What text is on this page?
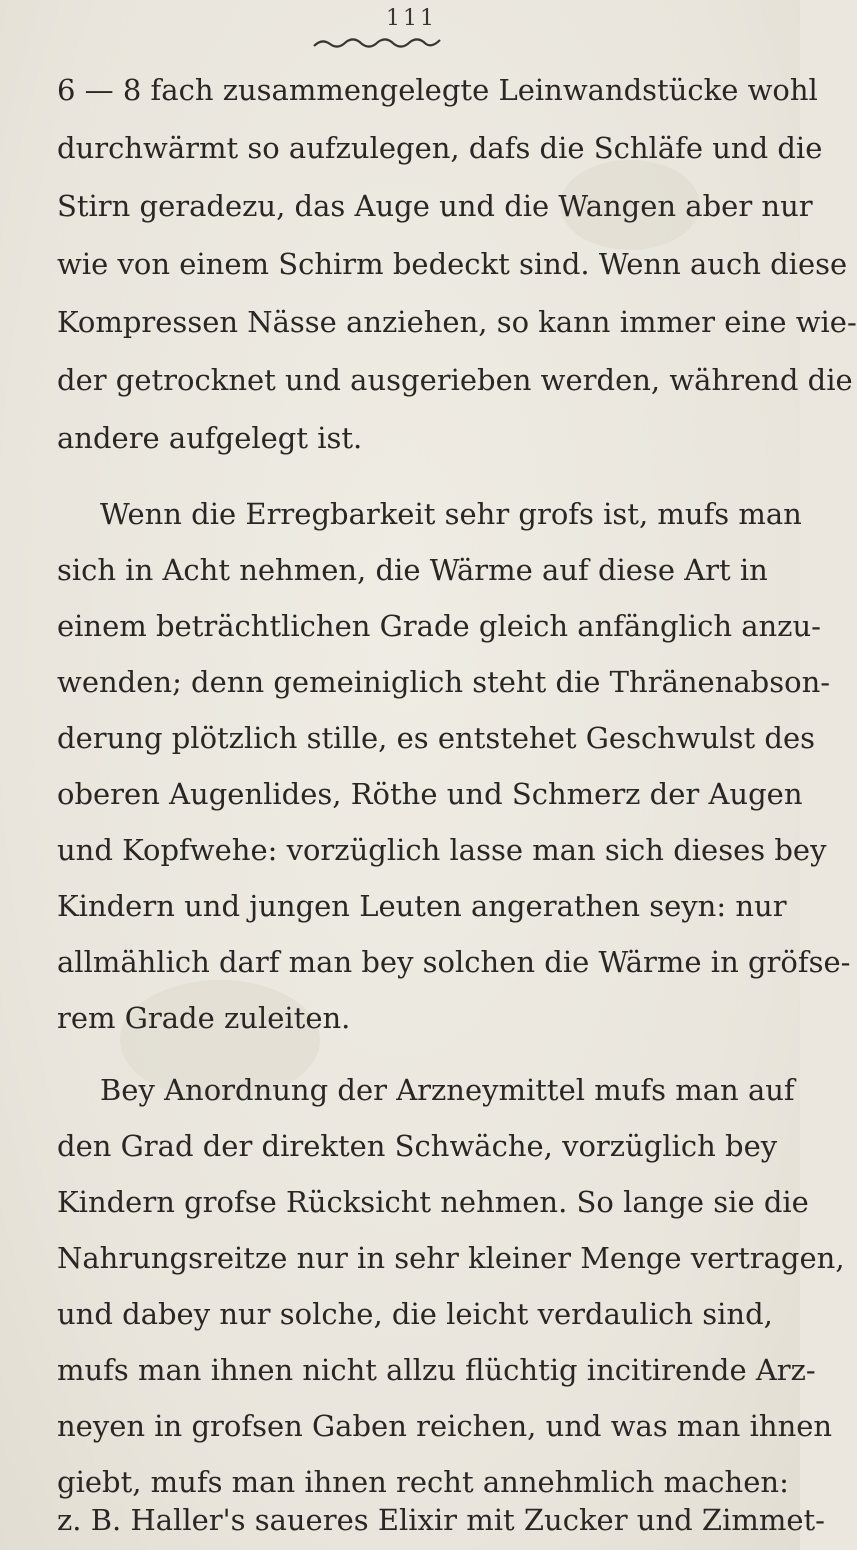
111
6 — 8 fach zusammengelegte Leinwandstücke wohl
durchwärmt so aufzulegen, dafs die Schläfe und die
Stirn geradezu, das Auge und die Wangen aber nur
wie von einem Schirm bedeckt sind. Wenn auch diese
Kompressen Nässe anziehen, so kann immer eine wie-
der getrocknet und ausgerieben werden, während die
andere aufgelegt ist.
Wenn die Erregbarkeit sehr grofs ist, mufs man
sich in Acht nehmen, die Wärme auf diese Art in
einem beträchtlichen Grade gleich anfänglich anzu-
wenden; denn gemeiniglich steht die Thränenabson-
derung plötzlich stille, es entstehet Geschwulst des
oberen Augenlides, Röthe und Schmerz der Augen
und Kopfwehe: vorzüglich lasse man sich dieses bey
Kindern und jungen Leuten angerathen seyn: nur
allmählich darf man bey solchen die Wärme in gröfse-
rem Grade zuleiten.
Bey Anordnung der Arzneymittel mufs man auf
den Grad der direkten Schwäche, vorzüglich bey
Kindern grofse Rücksicht nehmen. So lange sie die
Nahrungsreitze nur in sehr kleiner Menge vertragen,
und dabey nur solche, die leicht verdaulich sind,
mufs man ihnen nicht allzu flüchtig incitirende Arz-
neyen in grofsen Gaben reichen, und was man ihnen
giebt, mufs man ihnen recht annehmlich machen:
z. B. Haller's saueres Elixir mit Zucker und Zimmet-
